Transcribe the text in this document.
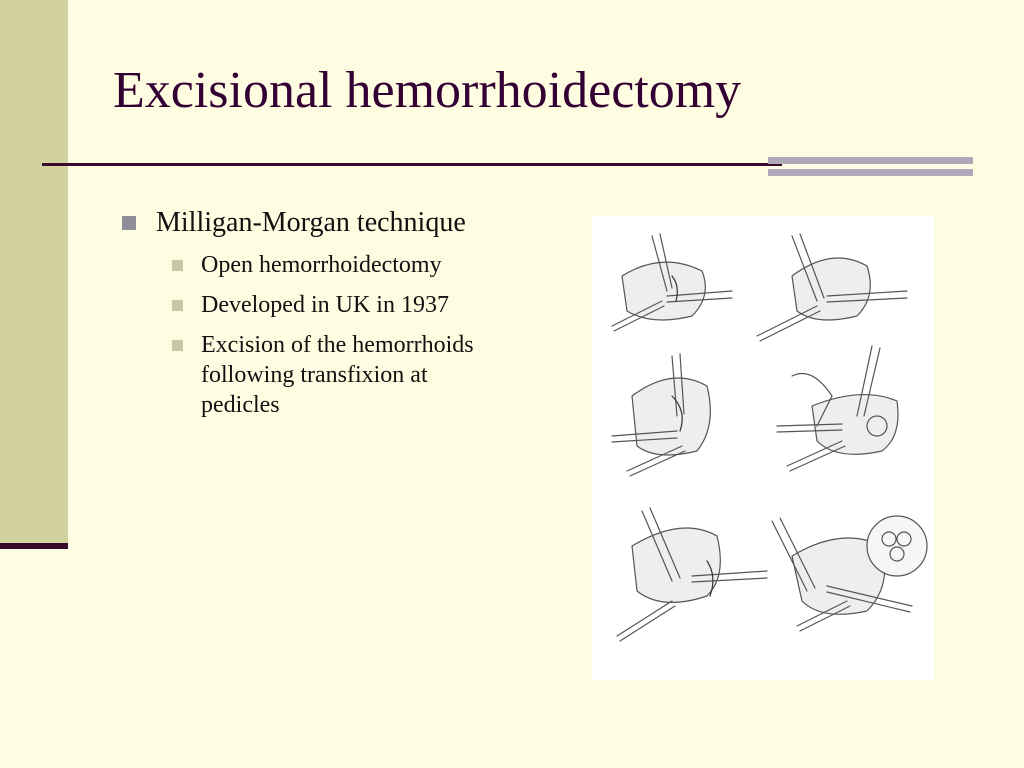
Excisional hemorrhoidectomy
Milligan-Morgan technique
Open hemorrhoidectomy
Developed in UK in 1937
Excision of the hemorrhoids following transfixion at pedicles
